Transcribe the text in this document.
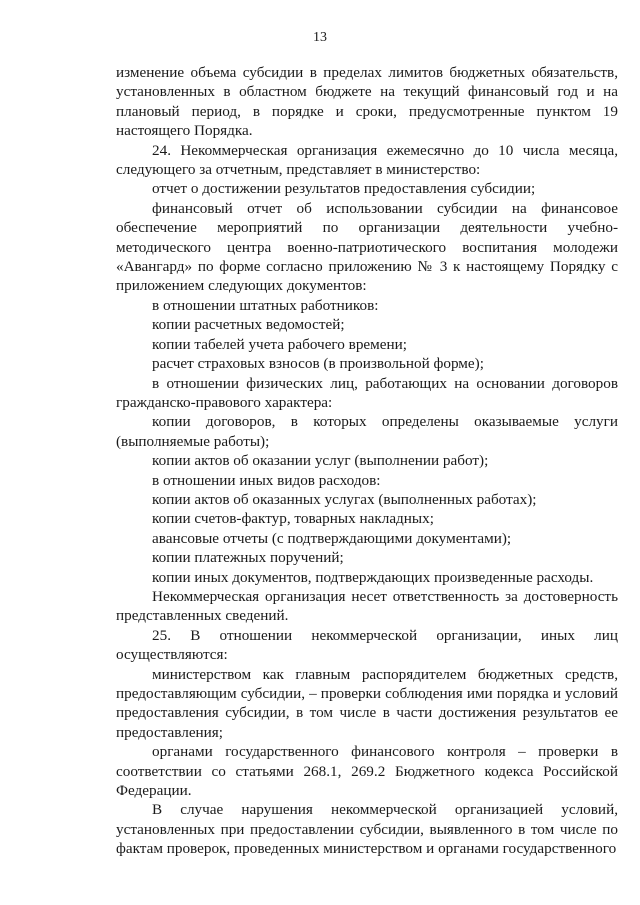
13

изменение объема субсидии в пределах лимитов бюджетных обязательств, установленных в областном бюджете на текущий финансовый год и на плановый период, в порядке и сроки, предусмотренные пунктом 19 настоящего Порядка.

24. Некоммерческая организация ежемесячно до 10 числа месяца, следующего за отчетным, представляет в министерство:

отчет о достижении результатов предоставления субсидии;

финансовый отчет об использовании субсидии на финансовое обеспечение мероприятий по организации деятельности учебно-методического центра военно-патриотического воспитания молодежи «Авангард» по форме согласно приложению № 3 к настоящему Порядку с приложением следующих документов:

в отношении штатных работников:

копии расчетных ведомостей;

копии табелей учета рабочего времени;

расчет страховых взносов (в произвольной форме);

в отношении физических лиц, работающих на основании договоров гражданско-правового характера:

копии договоров, в которых определены оказываемые услуги (выполняемые работы);

копии актов об оказании услуг (выполнении работ);

в отношении иных видов расходов:

копии актов об оказанных услугах (выполненных работах);

копии счетов-фактур, товарных накладных;

авансовые отчеты (с подтверждающими документами);

копии платежных поручений;

копии иных документов, подтверждающих произведенные расходы.

Некоммерческая организация несет ответственность за достоверность представленных сведений.

25. В отношении некоммерческой организации, иных лиц осуществляются:

министерством как главным распорядителем бюджетных средств, предоставляющим субсидии, – проверки соблюдения ими порядка и условий предоставления субсидии, в том числе в части достижения результатов ее предоставления;

органами государственного финансового контроля – проверки в соответствии со статьями 268.1, 269.2 Бюджетного кодекса Российской Федерации.

В случае нарушения некоммерческой организацией условий, установленных при предоставлении субсидии, выявленного в том числе по фактам проверок, проведенных министерством и органами государственного
